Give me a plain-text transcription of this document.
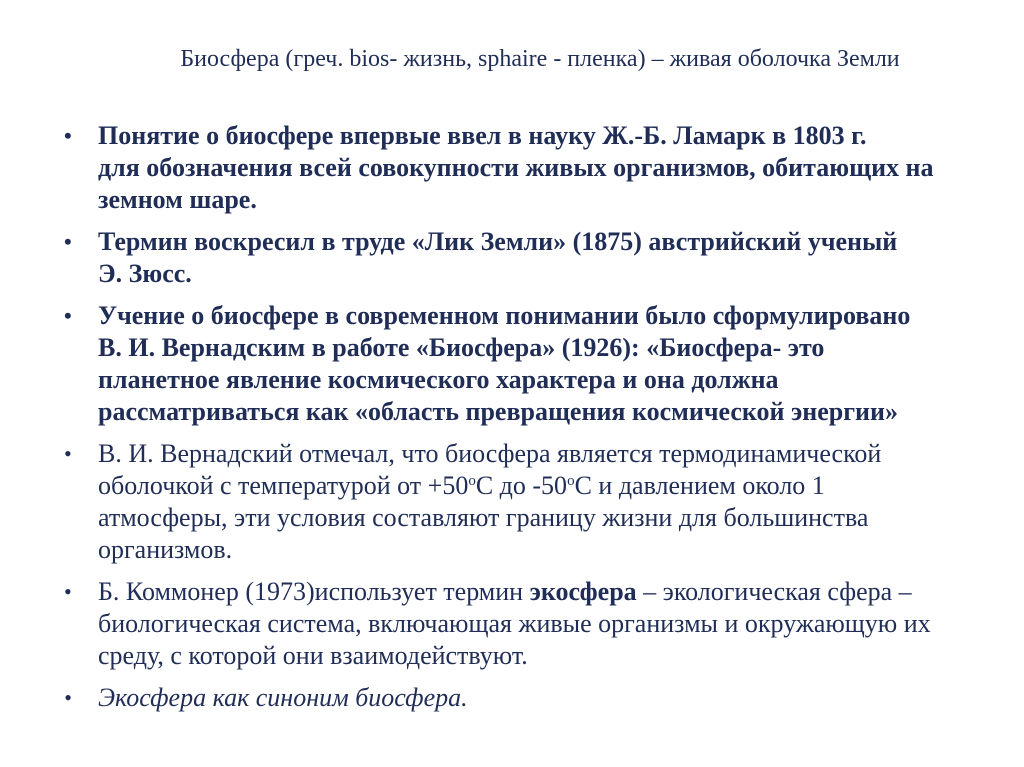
Биосфера (греч. bios- жизнь, sphaire - пленка) – живая оболочка Земли
• Понятие о биосфере впервые ввел в науку Ж.-Б. Ламарк в 1803 г.
для обозначения всей совокупности живых организмов, обитающих на
земном шаре.
• Термин воскресил в труде «Лик Земли» (1875) австрийский ученый
Э. Зюсс.
• Учение о биосфере в современном понимании было сформулировано
В. И. Вернадским в работе «Биосфера» (1926): «Биосфера- это
планетное явление космического характера и она должна
рассматриваться как «область превращения космической энергии»
• В. И. Вернадский отмечал, что биосфера является термодинамической
оболочкой с температурой от $+50^оС$ до $-50^оС$ и давлением около 1
атмосферы, эти условия составляют границу жизни для большинства
организмов.
• Б. Коммонер (1973)использует термин экосфера – экологическая сфера –
биологическая система, включающая живые организмы и окружающую их
среду, с которой они взаимодействуют.
• Экосфера как синоним биосфера.
